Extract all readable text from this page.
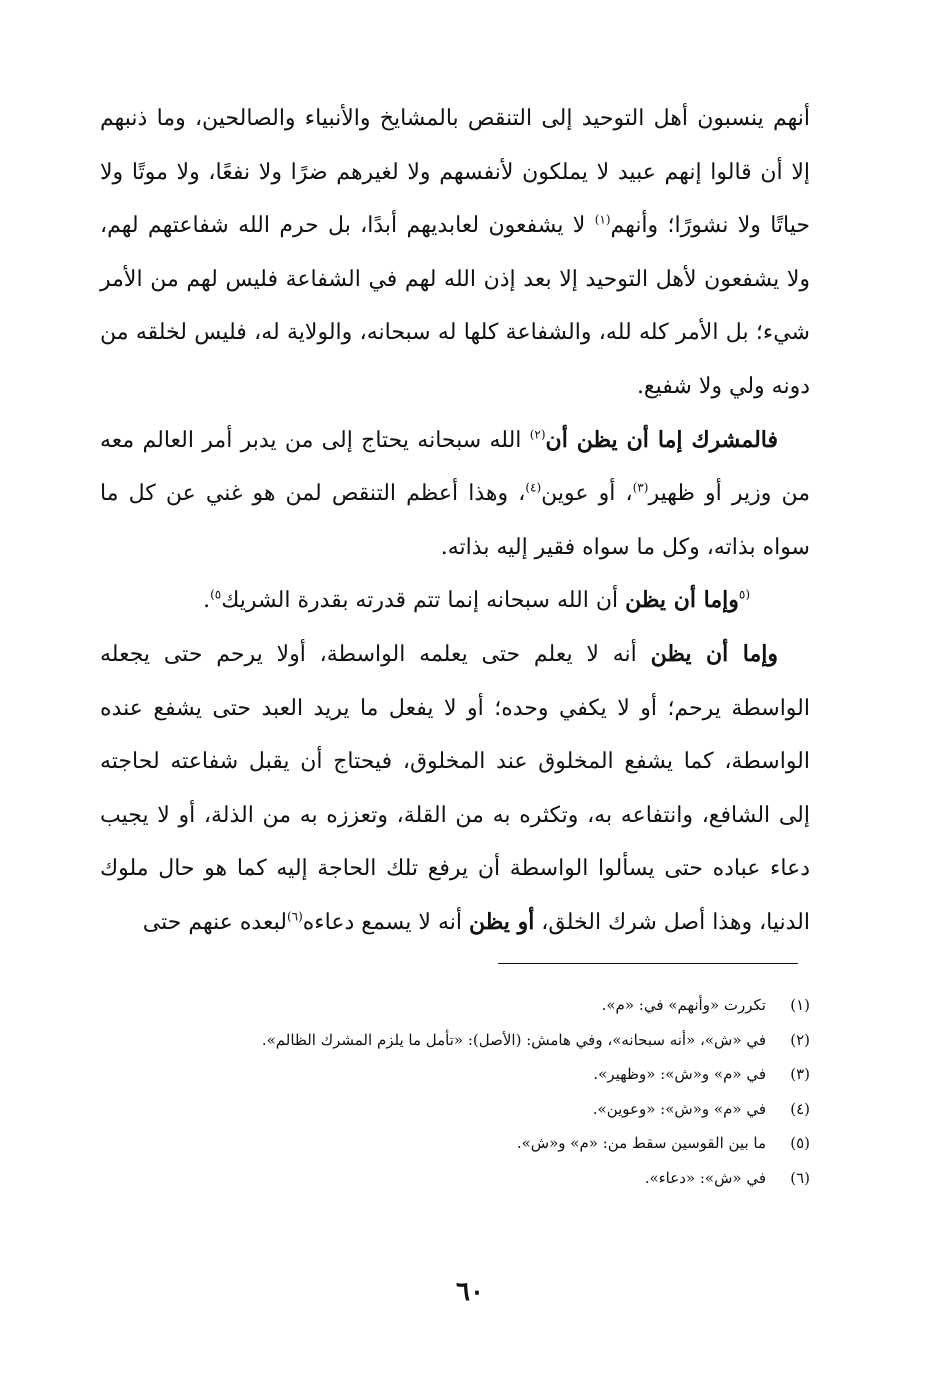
أنهم ينسبون أهل التوحيد إلى التنقص بالمشايخ والأنبياء والصالحين، وما ذنبهم إلا أن قالوا إنهم عبيد لا يملكون لأنفسهم ولا لغيرهم ضرًا ولا نفعًا، ولا موتًا ولا حياتًا ولا نشورًا؛ وأنهم$^{(١)}$ لا يشفعون لعابديهم أبدًا، بل حرم الله شفاعتهم لهم، ولا يشفعون لأهل التوحيد إلا بعد إذن الله لهم في الشفاعة فليس لهم من الأمر شيء؛ بل الأمر كله لله، والشفاعة كلها له سبحانه، والولاية له، فليس لخلقه من دونه ولي ولا شفيع.

فالمشرك إما أن يظن أن$^{(٢)}$ الله سبحانه يحتاج إلى من يدبر أمر العالم معه من وزير أو ظهير$^{(٣)}$، أو عوين$^{(٤)}$، وهذا أعظم التنقص لمن هو غني عن كل ما سواه بذاته، وكل ما سواه فقير إليه بذاته.

$^{(٥}$وإما أن يظن أن الله سبحانه إنما تتم قدرته بقدرة الشريك$^{٥)}$.

وإما أن يظن أنه لا يعلم حتى يعلمه الواسطة، أولا يرحم حتى يجعله الواسطة يرحم؛ أو لا يكفي وحده؛ أو لا يفعل ما يريد العبد حتى يشفع عنده الواسطة، كما يشفع المخلوق عند المخلوق، فيحتاج أن يقبل شفاعته لحاجته إلى الشافع، وانتفاعه به، وتكثره به من القلة، وتعززه به من الذلة، أو لا يجيب دعاء عباده حتى يسألوا الواسطة أن يرفع تلك الحاجة إليه كما هو حال ملوك الدنيا، وهذا أصل شرك الخلق، أو يظن أنه لا يسمع دعاءه$^{(٦)}$لبعده عنهم حتى

(١)
تكررت «وأنهم» في: «م».
(٢)
في «ش»، «أنه سبحانه»، وفي هامش: (الأصل): «تأمل ما يلزم المشرك الظالم».
(٣)
في «م» و«ش»: «وظهير».
(٤)
في «م» و«ش»: «وعوين».
(٥)
ما بين القوسين سقط من: «م» و«ش».
(٦)
في «ش»: «دعاء».
٦٠
